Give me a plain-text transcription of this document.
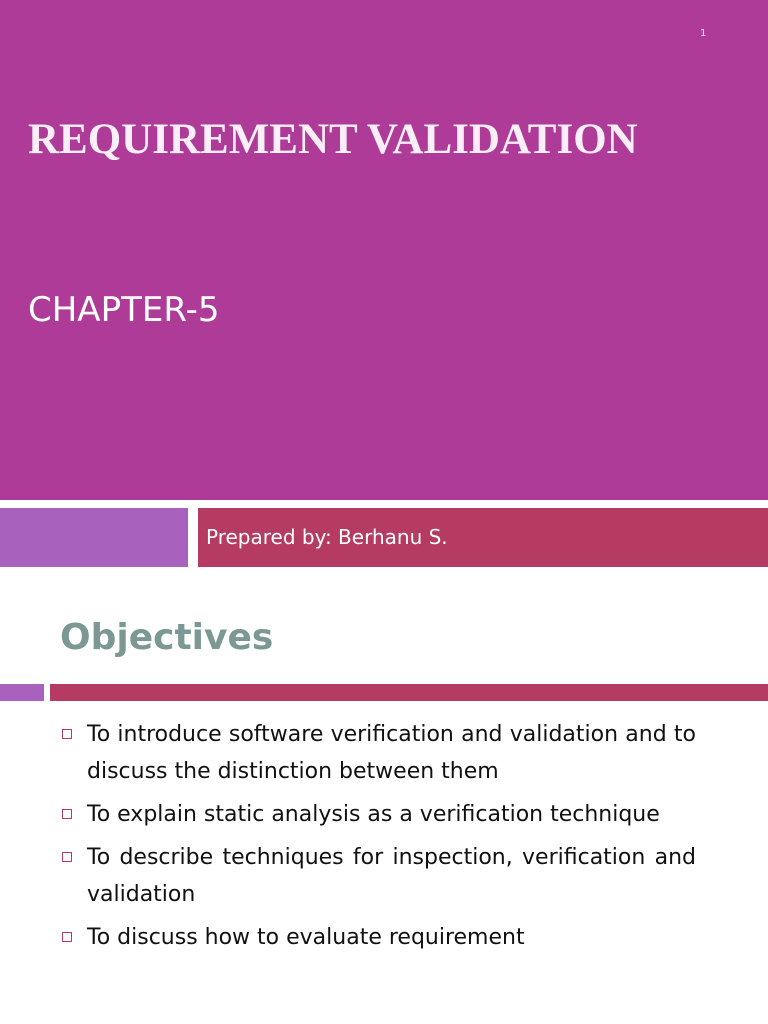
1
REQUIREMENT VALIDATION
CHAPTER-5
Prepared by: Berhanu S.
Objectives
To introduce software verification and validation and to discuss the distinction between them
To explain static analysis as a verification technique
To describe techniques for inspection, verification and validation
To discuss how to evaluate requirement
